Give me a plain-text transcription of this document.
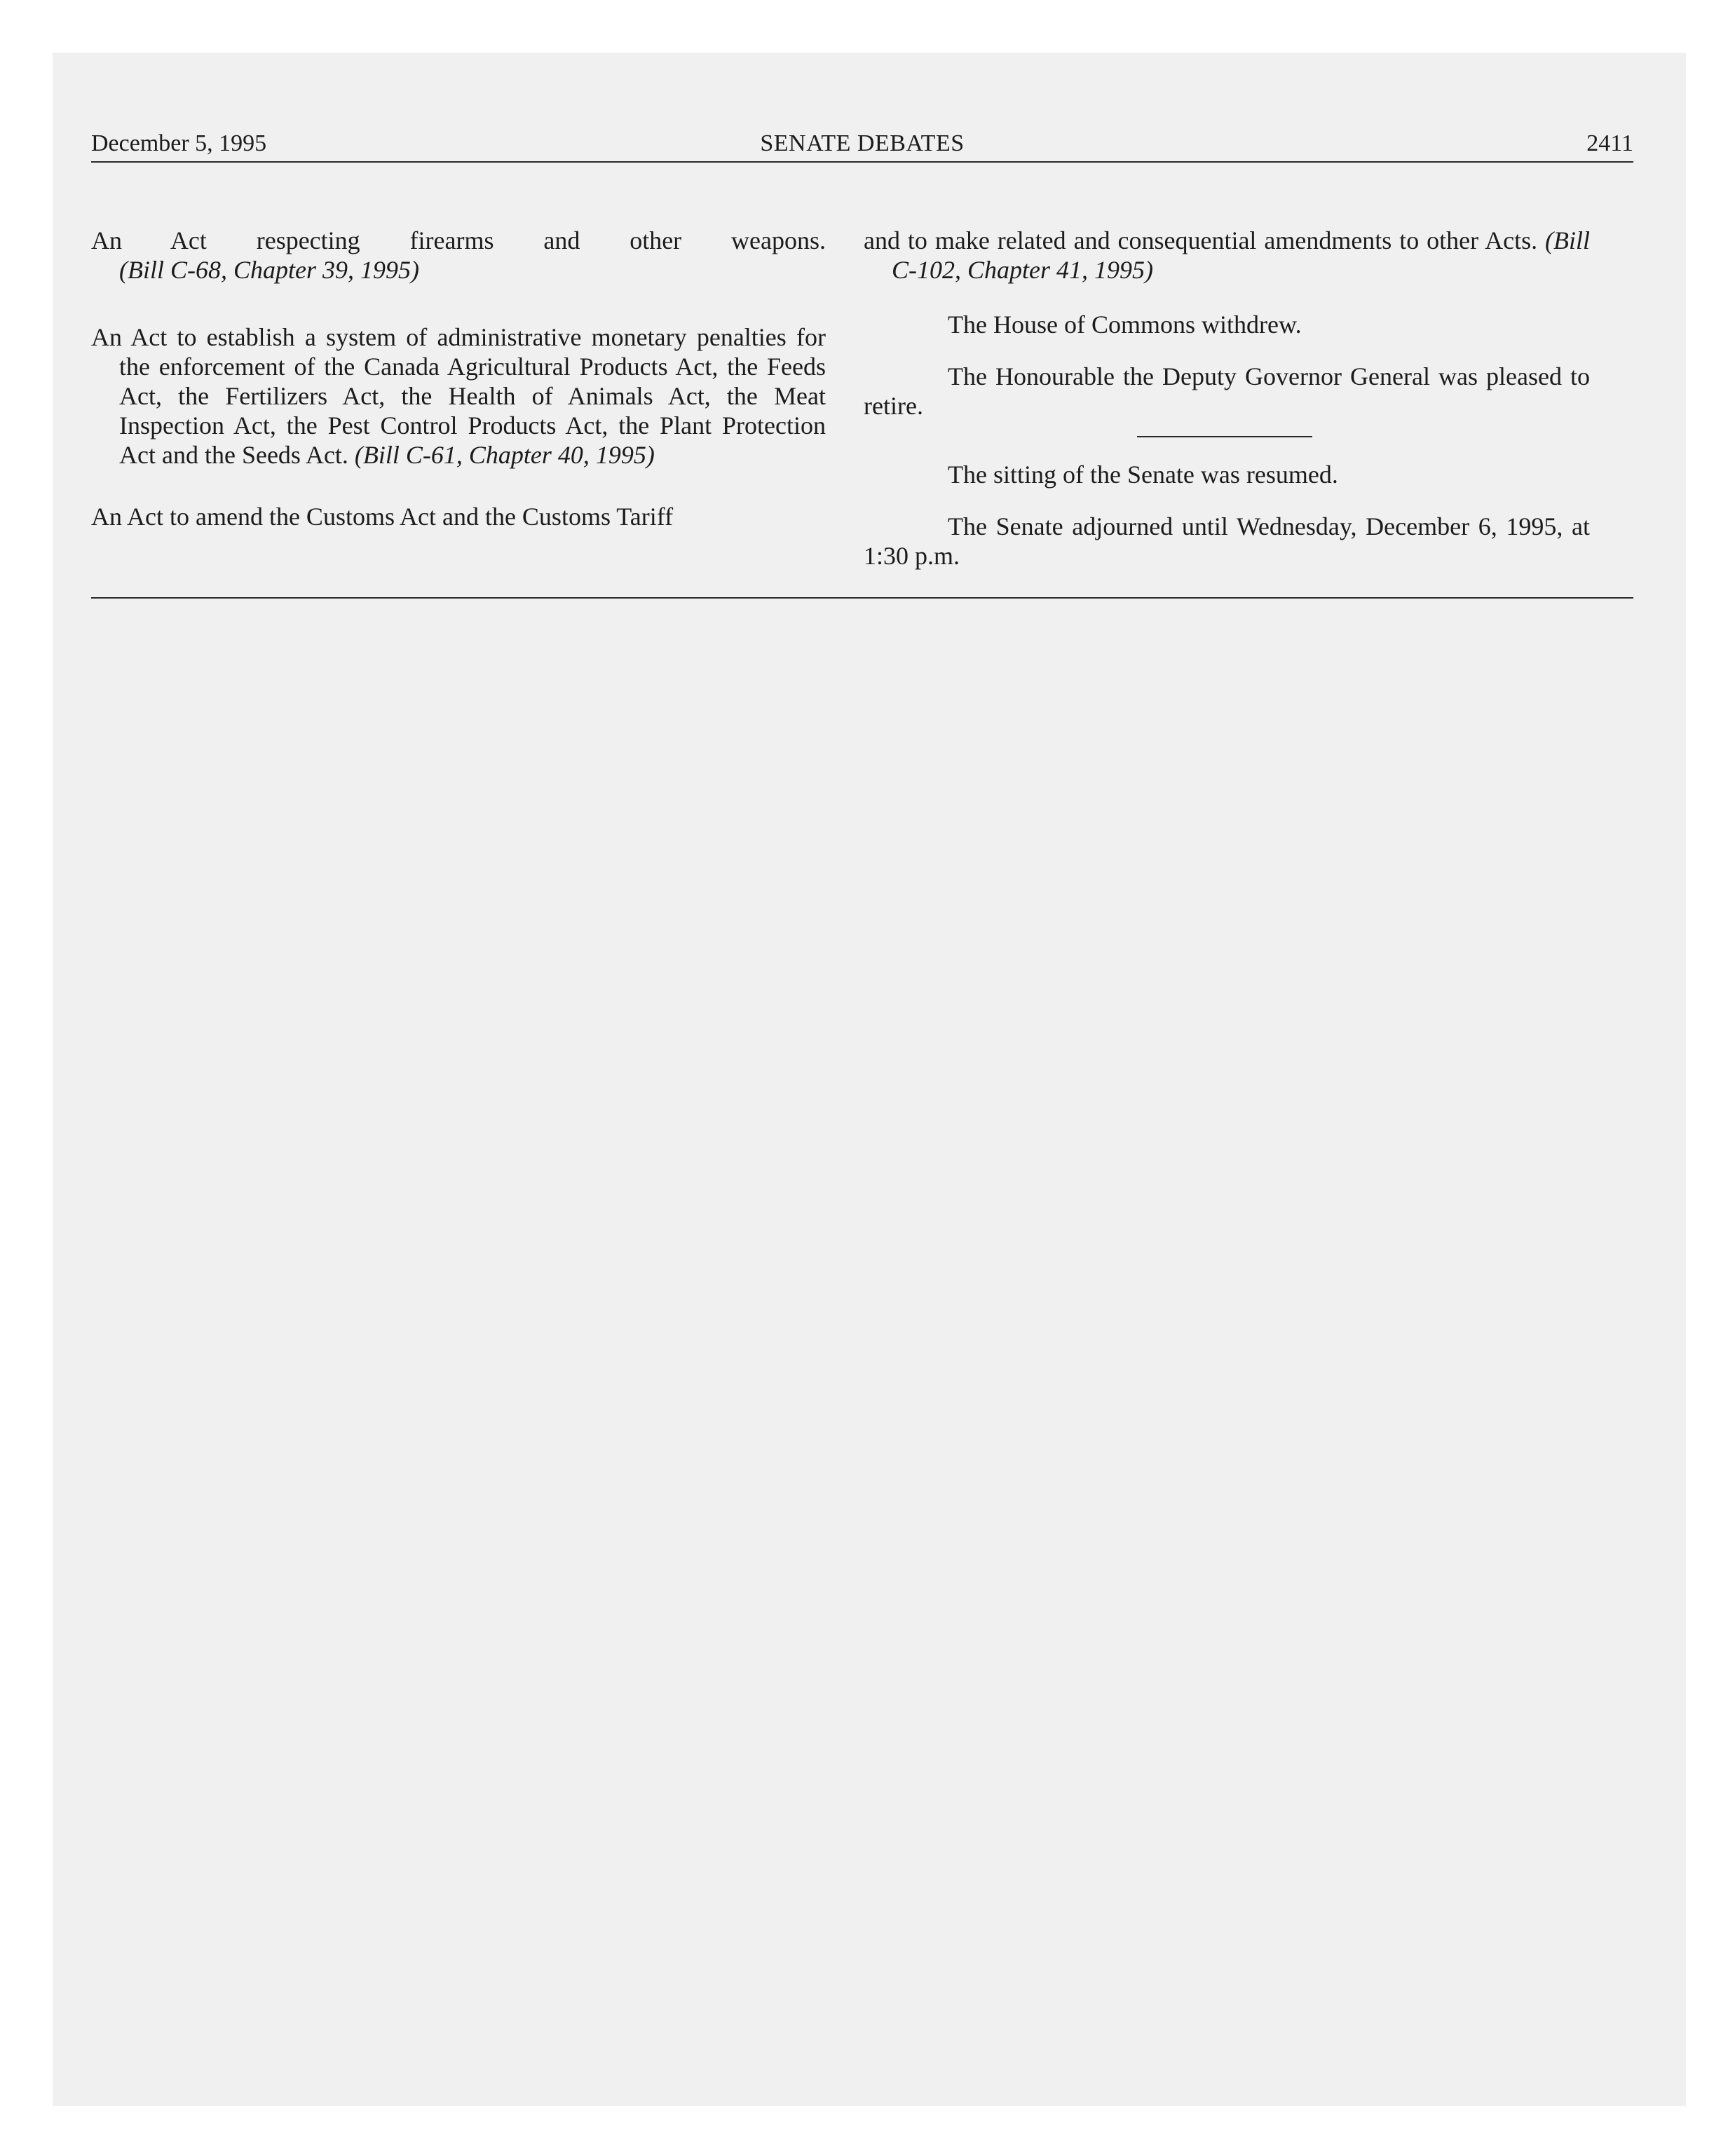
December 5, 1995	SENATE DEBATES	2411

An Act respecting firearms and other weapons.
(Bill C-68, Chapter 39, 1995)

An Act to establish a system of administrative monetary penalties for the enforcement of the Canada Agricultural Products Act, the Feeds Act, the Fertilizers Act, the Health of Animals Act, the Meat Inspection Act, the Pest Control Products Act, the Plant Protection Act and the Seeds Act. (Bill C-61, Chapter 40, 1995)

An Act to amend the Customs Act and the Customs Tariff

and to make related and consequential amendments to other Acts. (Bill C-102, Chapter 41, 1995)

The House of Commons withdrew.

The Honourable the Deputy Governor General was pleased to retire.

The sitting of the Senate was resumed.

The Senate adjourned until Wednesday, December 6, 1995, at 1:30 p.m.
